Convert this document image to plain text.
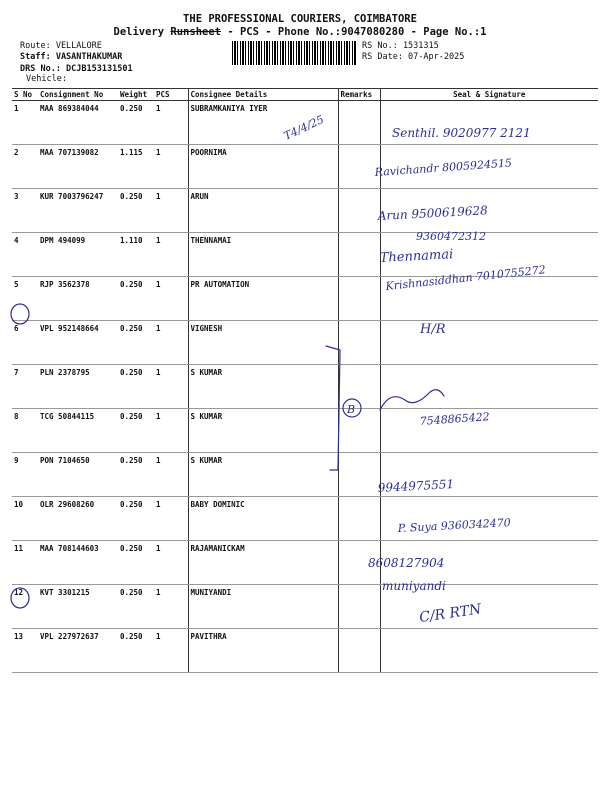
THE PROFESSIONAL COURIERS, COIMBATORE
Delivery Runsheet - PCS - Phone No.:9047080280 - Page No.:1
Route: VELLALORE
Staff: VASANTHAKUMAR
DRS No.: DCJB153131501
Vehicle:
RS No.: 1531315
RS Date: 07-Apr-2025
S No	Consignment No	Weight	PCS	Consignee Details	Remarks	Seal & Signature
1	MAA 869384044	0.250	1	SUBRAMKANIYA IYER		
2	MAA 707139082	1.115	1	POORNIMA		
3	KUR 7003796247	0.250	1	ARUN		
4	DPM 494099	1.110	1	THENNAMAI		
5	RJP 3562378	0.250	1	PR AUTOMATION		
6	VPL 952148664	0.250	1	VIGNESH		
7	PLN 2378795	0.250	1	S KUMAR		
8	TCG 50844115	0.250	1	S KUMAR		
9	PON 7104650	0.250	1	S KUMAR		
10	OLR 29608260	0.250	1	BABY DOMINIC		
11	MAA 708144603	0.250	1	RAJAMANICKAM		
12	KVT 3301215	0.250	1	MUNIYANDI		
13	VPL 227972637	0.250	1	PAVITHRA		
T4/4/25	Senthil. 9020977 2121
Ravichandr 8005924515
Arun 9500619628
9360472312
Thennamai
Krishnasiddhan 7010755272
H/R
B
7548865422
9944975551
P. Suya 9360342470
8608127904
muniyandi
C/R RTN
